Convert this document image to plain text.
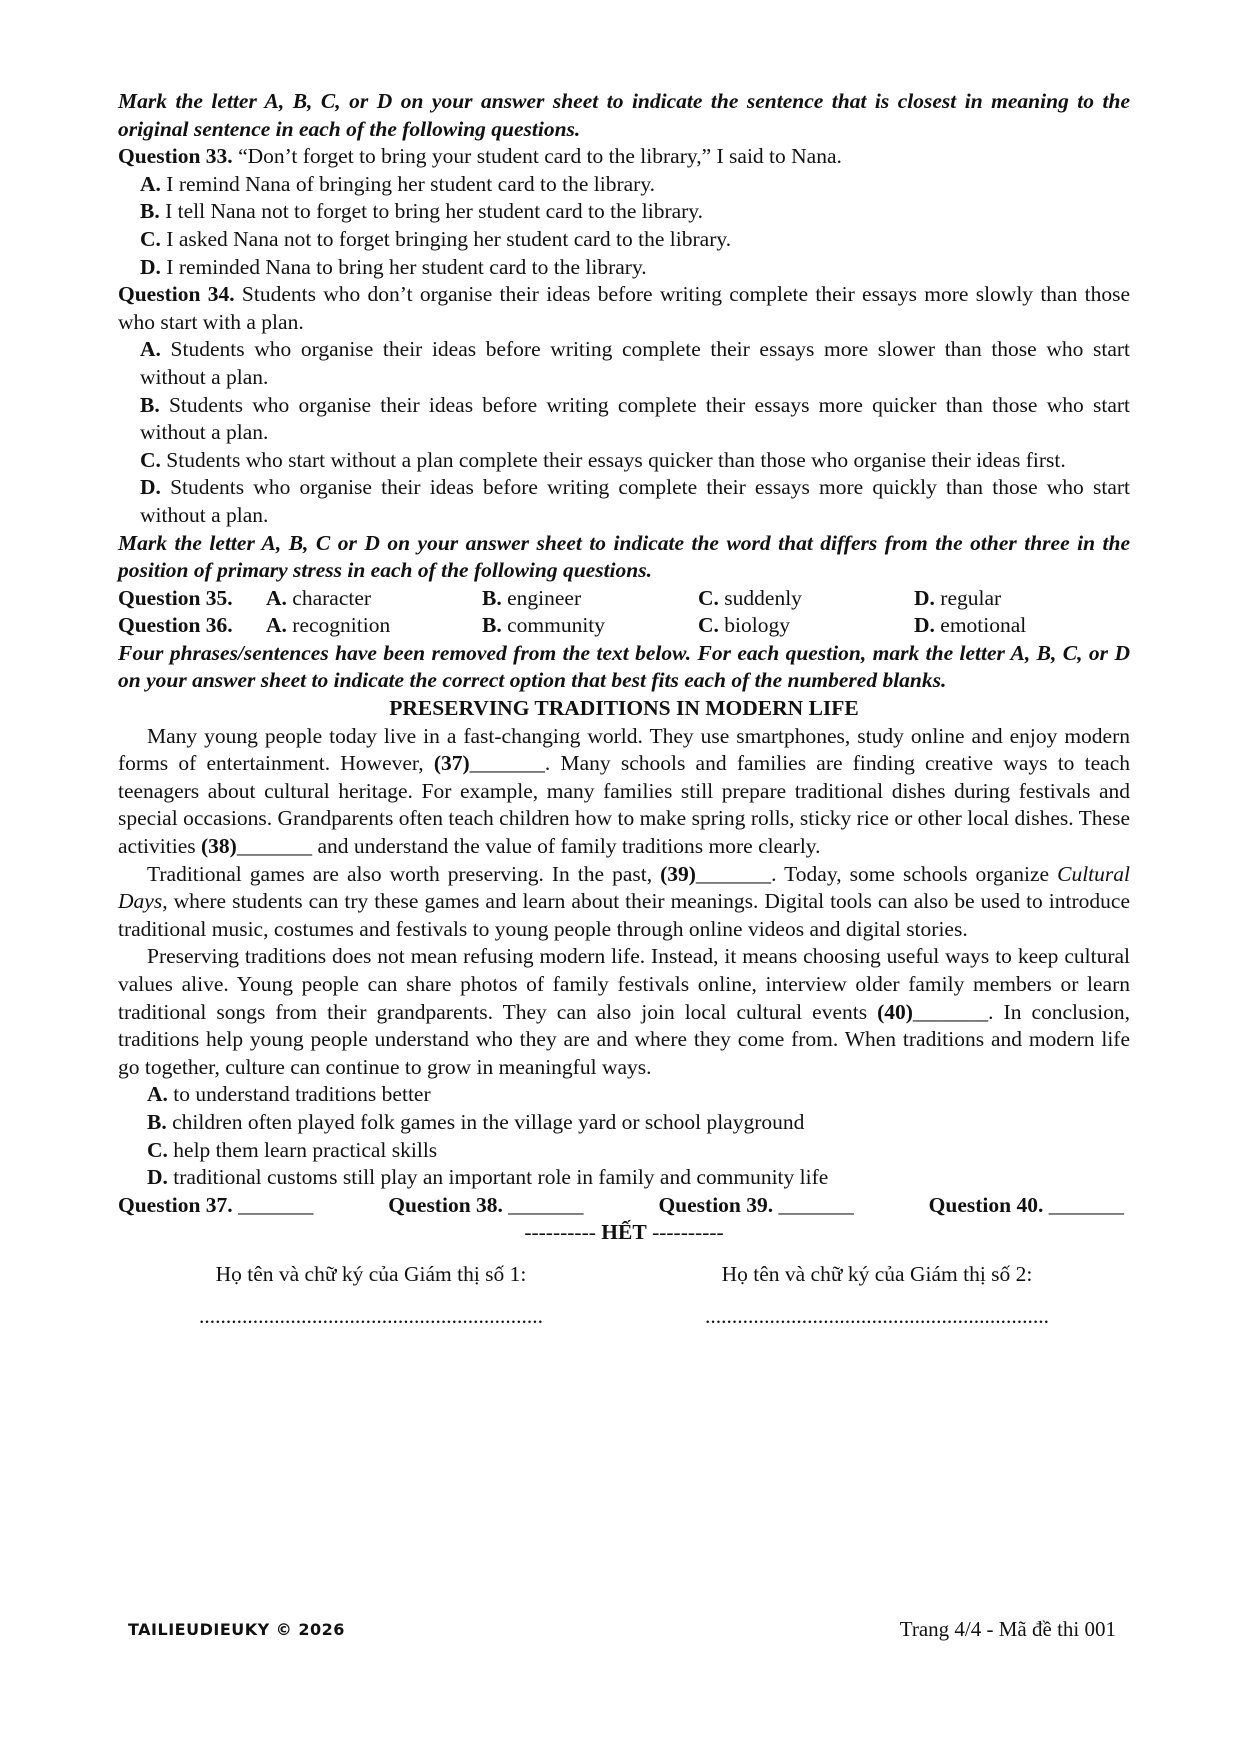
Mark the letter A, B, C, or D on your answer sheet to indicate the sentence that is closest in meaning to the original sentence in each of the following questions.
Question 33. “Don’t forget to bring your student card to the library,” I said to Nana.
A. I remind Nana of bringing her student card to the library.
B. I tell Nana not to forget to bring her student card to the library.
C. I asked Nana not to forget bringing her student card to the library.
D. I reminded Nana to bring her student card to the library.
Question 34. Students who don’t organise their ideas before writing complete their essays more slowly than those who start with a plan.
A. Students who organise their ideas before writing complete their essays more slower than those who start without a plan.
B. Students who organise their ideas before writing complete their essays more quicker than those who start without a plan.
C. Students who start without a plan complete their essays quicker than those who organise their ideas first.
D. Students who organise their ideas before writing complete their essays more quickly than those who start without a plan.
Mark the letter A, B, C or D on your answer sheet to indicate the word that differs from the other three in the position of primary stress in each of the following questions.
Question 35.	A. character	B. engineer	C. suddenly	D. regular
Question 36.	A. recognition	B. community	C. biology	D. emotional
Four phrases/sentences have been removed from the text below. For each question, mark the letter A, B, C, or D on your answer sheet to indicate the correct option that best fits each of the numbered blanks.
PRESERVING TRADITIONS IN MODERN LIFE
Many young people today live in a fast-changing world. They use smartphones, study online and enjoy modern forms of entertainment. However, (37)_______. Many schools and families are finding creative ways to teach teenagers about cultural heritage. For example, many families still prepare traditional dishes during festivals and special occasions. Grandparents often teach children how to make spring rolls, sticky rice or other local dishes. These activities (38)_______ and understand the value of family traditions more clearly.
Traditional games are also worth preserving. In the past, (39)_______. Today, some schools organize Cultural Days, where students can try these games and learn about their meanings. Digital tools can also be used to introduce traditional music, costumes and festivals to young people through online videos and digital stories.
Preserving traditions does not mean refusing modern life. Instead, it means choosing useful ways to keep cultural values alive. Young people can share photos of family festivals online, interview older family members or learn traditional songs from their grandparents. They can also join local cultural events (40)_______. In conclusion, traditions help young people understand who they are and where they come from. When traditions and modern life go together, culture can continue to grow in meaningful ways.
A. to understand traditions better
B. children often played folk games in the village yard or school playground
C. help them learn practical skills
D. traditional customs still play an important role in family and community life
Question 37. _______	Question 38. _______	Question 39. _______	Question 40. _______
---------- HẾT ----------
Họ tên và chữ ký của Giám thị số 1:
................................................................
Họ tên và chữ ký của Giám thị số 2:
................................................................
TAILIEUDIEUKY © 2026	Trang 4/4 - Mã đề thi 001
